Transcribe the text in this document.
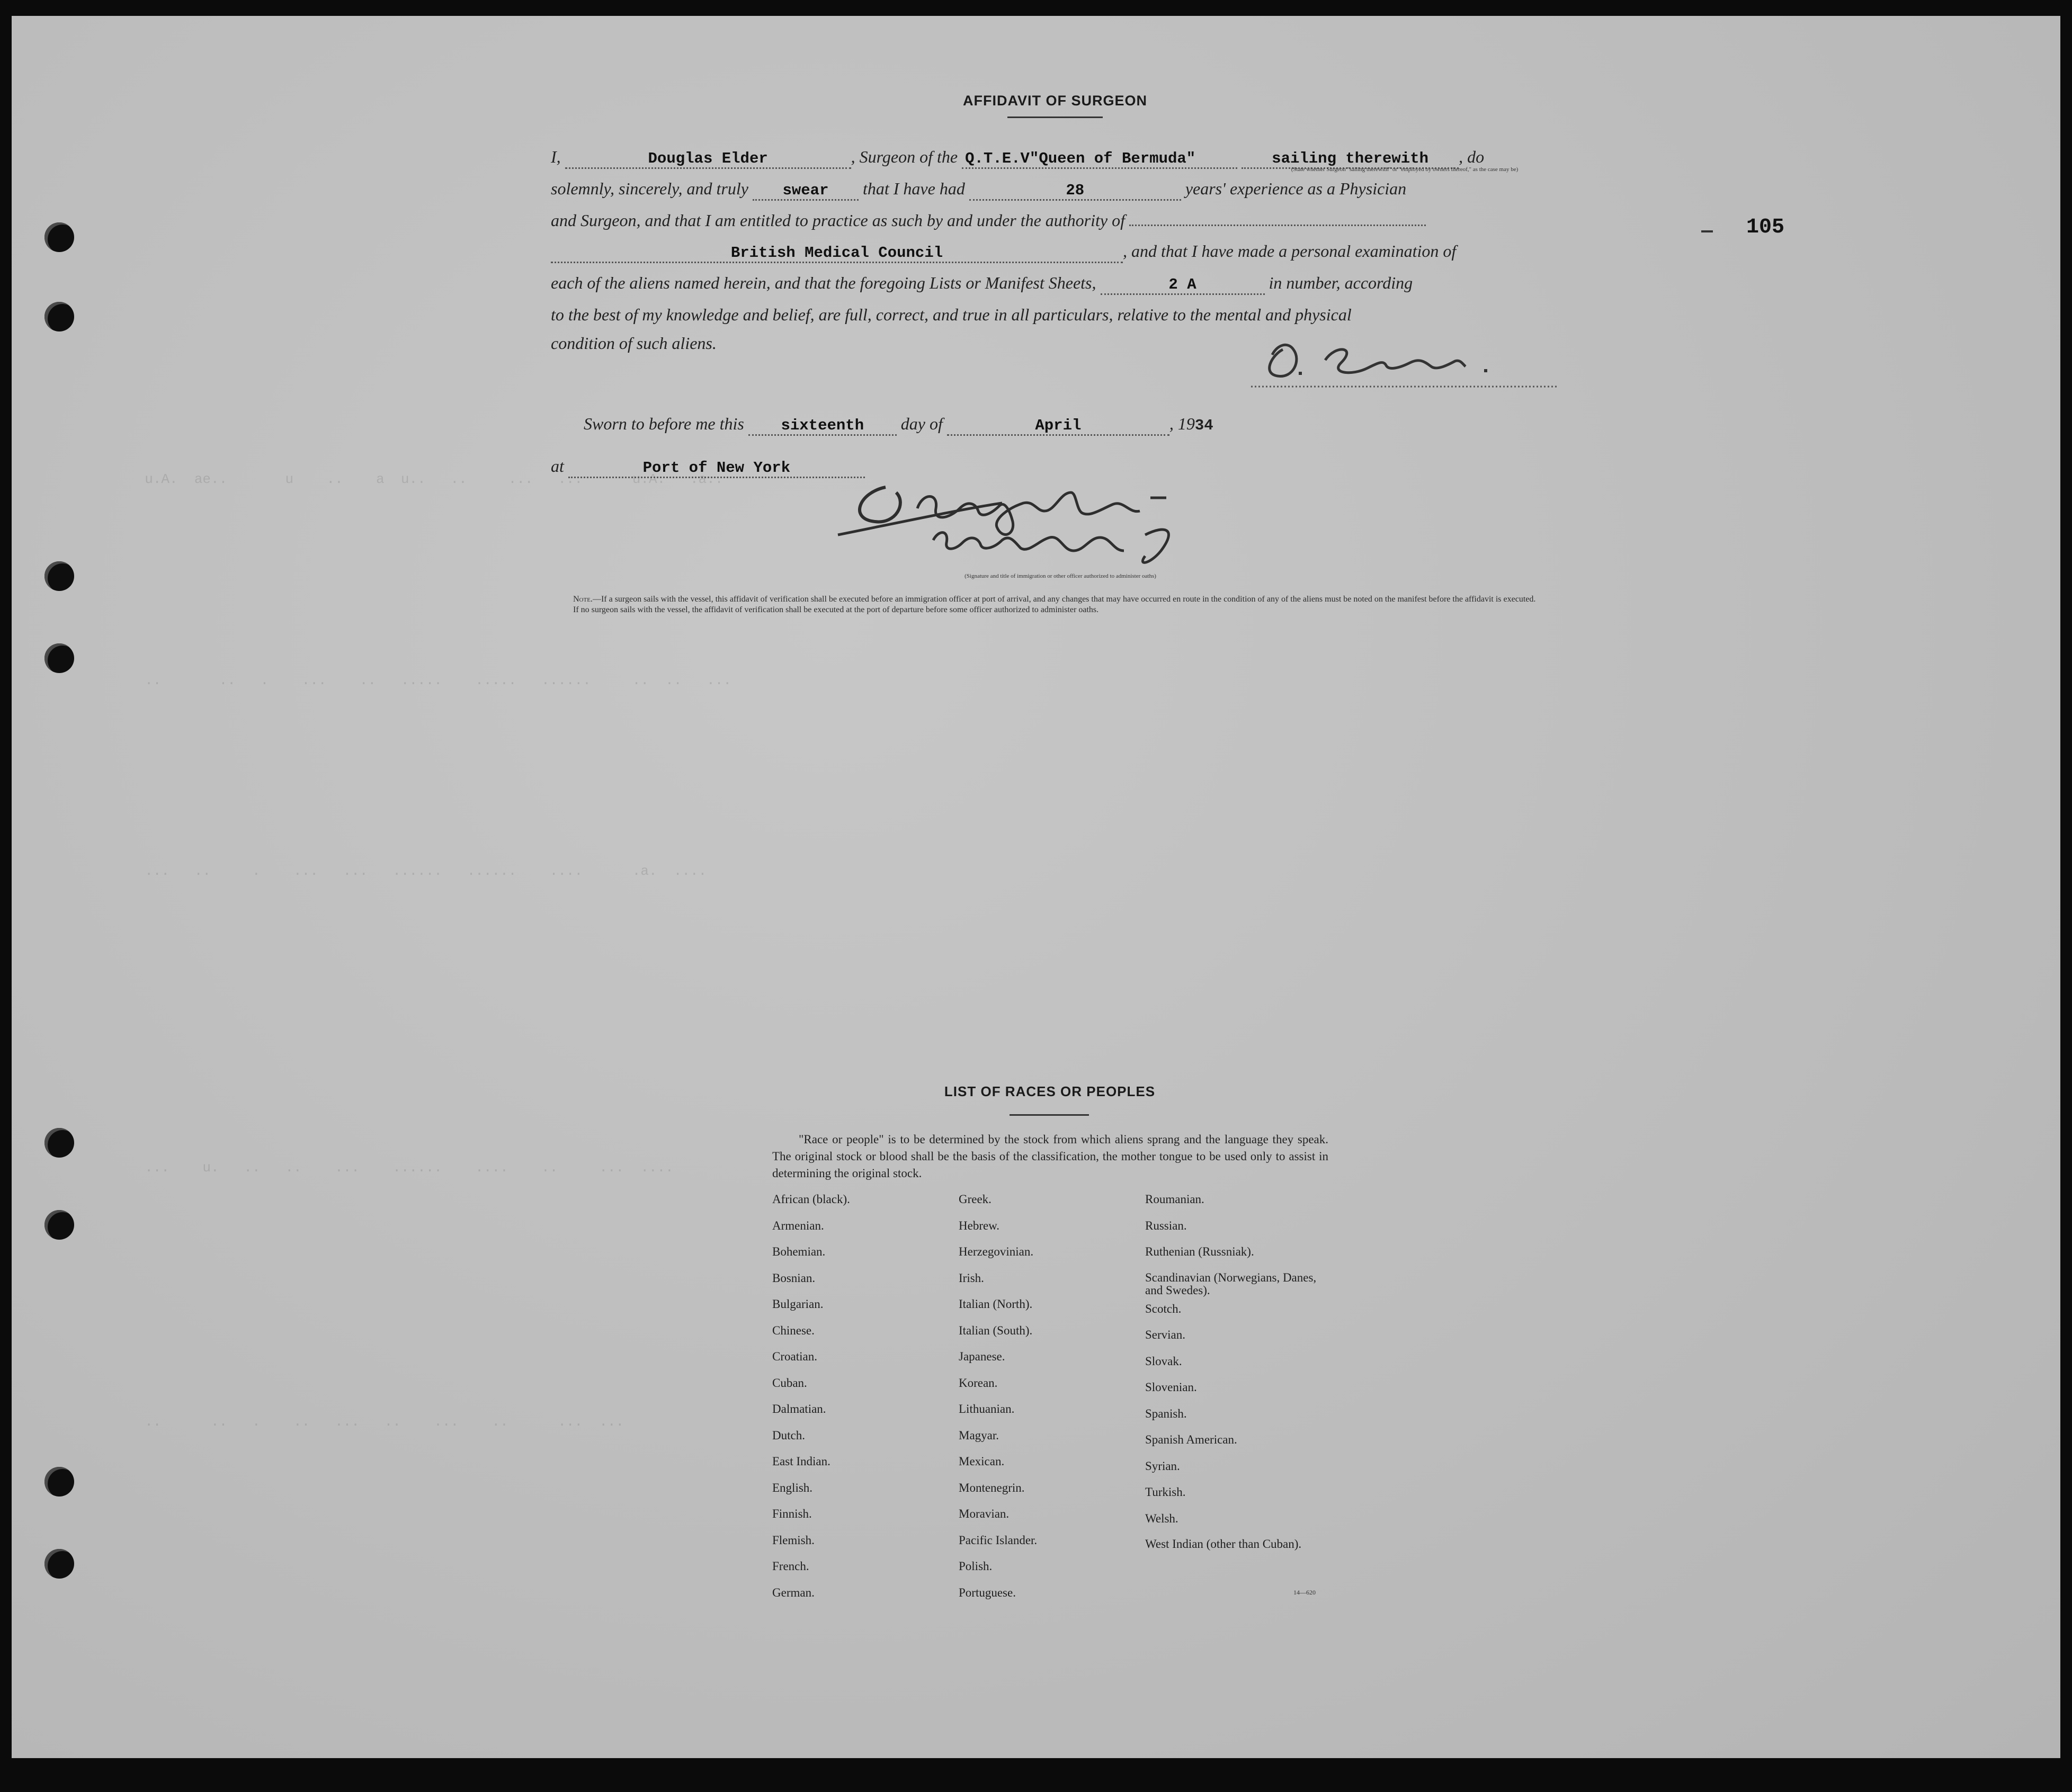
u.A.  ae..       u    ..    a  u..   ..     ...   ...      u.A.   .a..
..       ..   .    ...    ..   .....    .....   ......     ..  ..   ...
...   ..     .    ...   ...   ......   ......    ....      .a.  ....
...    u.   ..   ..    ...    ......    ....    ..     ...  ....
..      ..   .    ..   ...   ..    ...    ..      ...  ...
AFFIDAVIT OF SURGEON
105
I,	Douglas Elder	, Surgeon of the Q.T.E.V"Queen of Bermuda"	sailing therewith , do
(State whether Surgeon "sailing therewith" or "employed by owners thereof," as the case may be)
solemnly, sincerely, and truly swear that I have had	28	years' experience as a Physician
and Surgeon, and that I am entitled to practice as such by and under the authority of
British Medical Council	, and that I have made a personal examination of
each of the aliens named herein, and that the foregoing Lists or Manifest Sheets,	2 A	in number, according
to the best of my knowledge and belief, are full, correct, and true in all particulars, relative to the mental and physical
condition of such aliens.
Sworn to before me this sixteenth day of	April	, 1934
at	Port of New York
(Signature and title of immigration or other officer authorized to administer oaths)
Note.—If a surgeon sails with the vessel, this affidavit of verification shall be executed before an immigration officer at port of arrival, and any changes that may have occurred en route in the condition of any of the aliens must be noted on the manifest before the affidavit is executed.
If no surgeon sails with the vessel, the affidavit of verification shall be executed at the port of departure before some officer authorized to administer oaths.
LIST OF RACES OR PEOPLES
"Race or people" is to be determined by the stock from which aliens sprang and the language they speak. The original stock or blood shall be the basis of the classification, the mother tongue to be used only to assist in determining the original stock.
African (black).
Armenian.
Bohemian.
Bosnian.
Bulgarian.
Chinese.
Croatian.
Cuban.
Dalmatian.
Dutch.
East Indian.
English.
Finnish.
Flemish.
French.
German.
Greek.
Hebrew.
Herzegovinian.
Irish.
Italian (North).
Italian (South).
Japanese.
Korean.
Lithuanian.
Magyar.
Mexican.
Montenegrin.
Moravian.
Pacific Islander.
Polish.
Portuguese.
Roumanian.
Russian.
Ruthenian (Russniak).
Scandinavian (Norwegians, Danes, and Swedes).
Scotch.
Servian.
Slovak.
Slovenian.
Spanish.
Spanish American.
Syrian.
Turkish.
Welsh.
West Indian (other than Cuban).
14—620
